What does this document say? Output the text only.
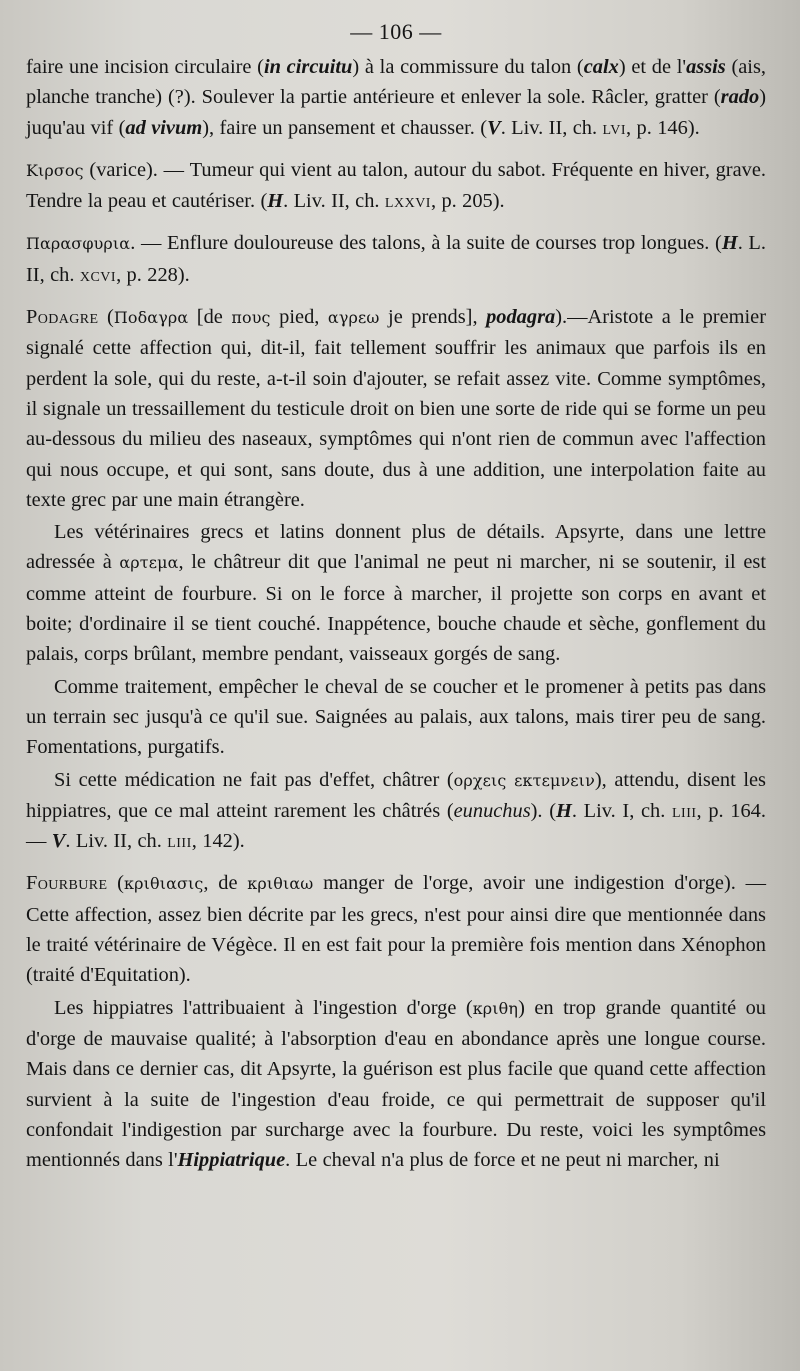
— 106 —

faire une incision circulaire (in circuitu) à la commissure du talon (calx) et de l'assis (ais, planche tranche) (?). Soulever la partie antérieure et enlever la sole. Râcler, gratter (rado) juqu'au vif (ad vivum), faire un pansement et chausser. (V. Liv. II, ch. lvi, p. 146).

Κιρσος (varice). — Tumeur qui vient au talon, autour du sabot. Fréquente en hiver, grave. Tendre la peau et cautériser. (H. Liv. II, ch. lxxvi, p. 205).

Παρασφυρια. — Enflure douloureuse des talons, à la suite de courses trop longues. (H. L. II, ch. xcvi, p. 228).

Podagre (Ποδαγρα [de πους pied, αγρεω je prends], podagra).—Aristote a le premier signalé cette affection qui, dit-il, fait tellement souffrir les animaux que parfois ils en perdent la sole, qui du reste, a-t-il soin d'ajouter, se refait assez vite. Comme symptômes, il signale un tressaillement du testicule droit on bien une sorte de ride qui se forme un peu au-dessous du milieu des naseaux, symptômes qui n'ont rien de commun avec l'affection qui nous occupe, et qui sont, sans doute, dus à une addition, une interpolation faite au texte grec par une main étrangère.

Les vétérinaires grecs et latins donnent plus de détails. Apsyrte, dans une lettre adressée à αρτεμα, le châtreur dit que l'animal ne peut ni marcher, ni se soutenir, il est comme atteint de fourbure. Si on le force à marcher, il projette son corps en avant et boite; d'ordinaire il se tient couché. Inappétence, bouche chaude et sèche, gonflement du palais, corps brûlant, membre pendant, vaisseaux gorgés de sang.

Comme traitement, empêcher le cheval de se coucher et le promener à petits pas dans un terrain sec jusqu'à ce qu'il sue. Saignées au palais, aux talons, mais tirer peu de sang. Fomentations, purgatifs.

Si cette médication ne fait pas d'effet, châtrer (ορχεις εκτεμνειν), attendu, disent les hippiatres, que ce mal atteint rarement les châtrés (eunuchus). (H. Liv. I, ch. liii, p. 164. — V. Liv. II, ch. liii, 142).

Fourbure (κριθιασις, de κριθιαω manger de l'orge, avoir une indigestion d'orge). — Cette affection, assez bien décrite par les grecs, n'est pour ainsi dire que mentionnée dans le traité vétérinaire de Végèce. Il en est fait pour la première fois mention dans Xénophon (traité d'Equitation).

Les hippiatres l'attribuaient à l'ingestion d'orge (κριθη) en trop grande quantité ou d'orge de mauvaise qualité; à l'absorption d'eau en abondance après une longue course. Mais dans ce dernier cas, dit Apsyrte, la guérison est plus facile que quand cette affection survient à la suite de l'ingestion d'eau froide, ce qui permettrait de supposer qu'il confondait l'indigestion par surcharge avec la fourbure. Du reste, voici les symptômes mentionnés dans l'Hippiatrique. Le cheval n'a plus de force et ne peut ni marcher, ni
